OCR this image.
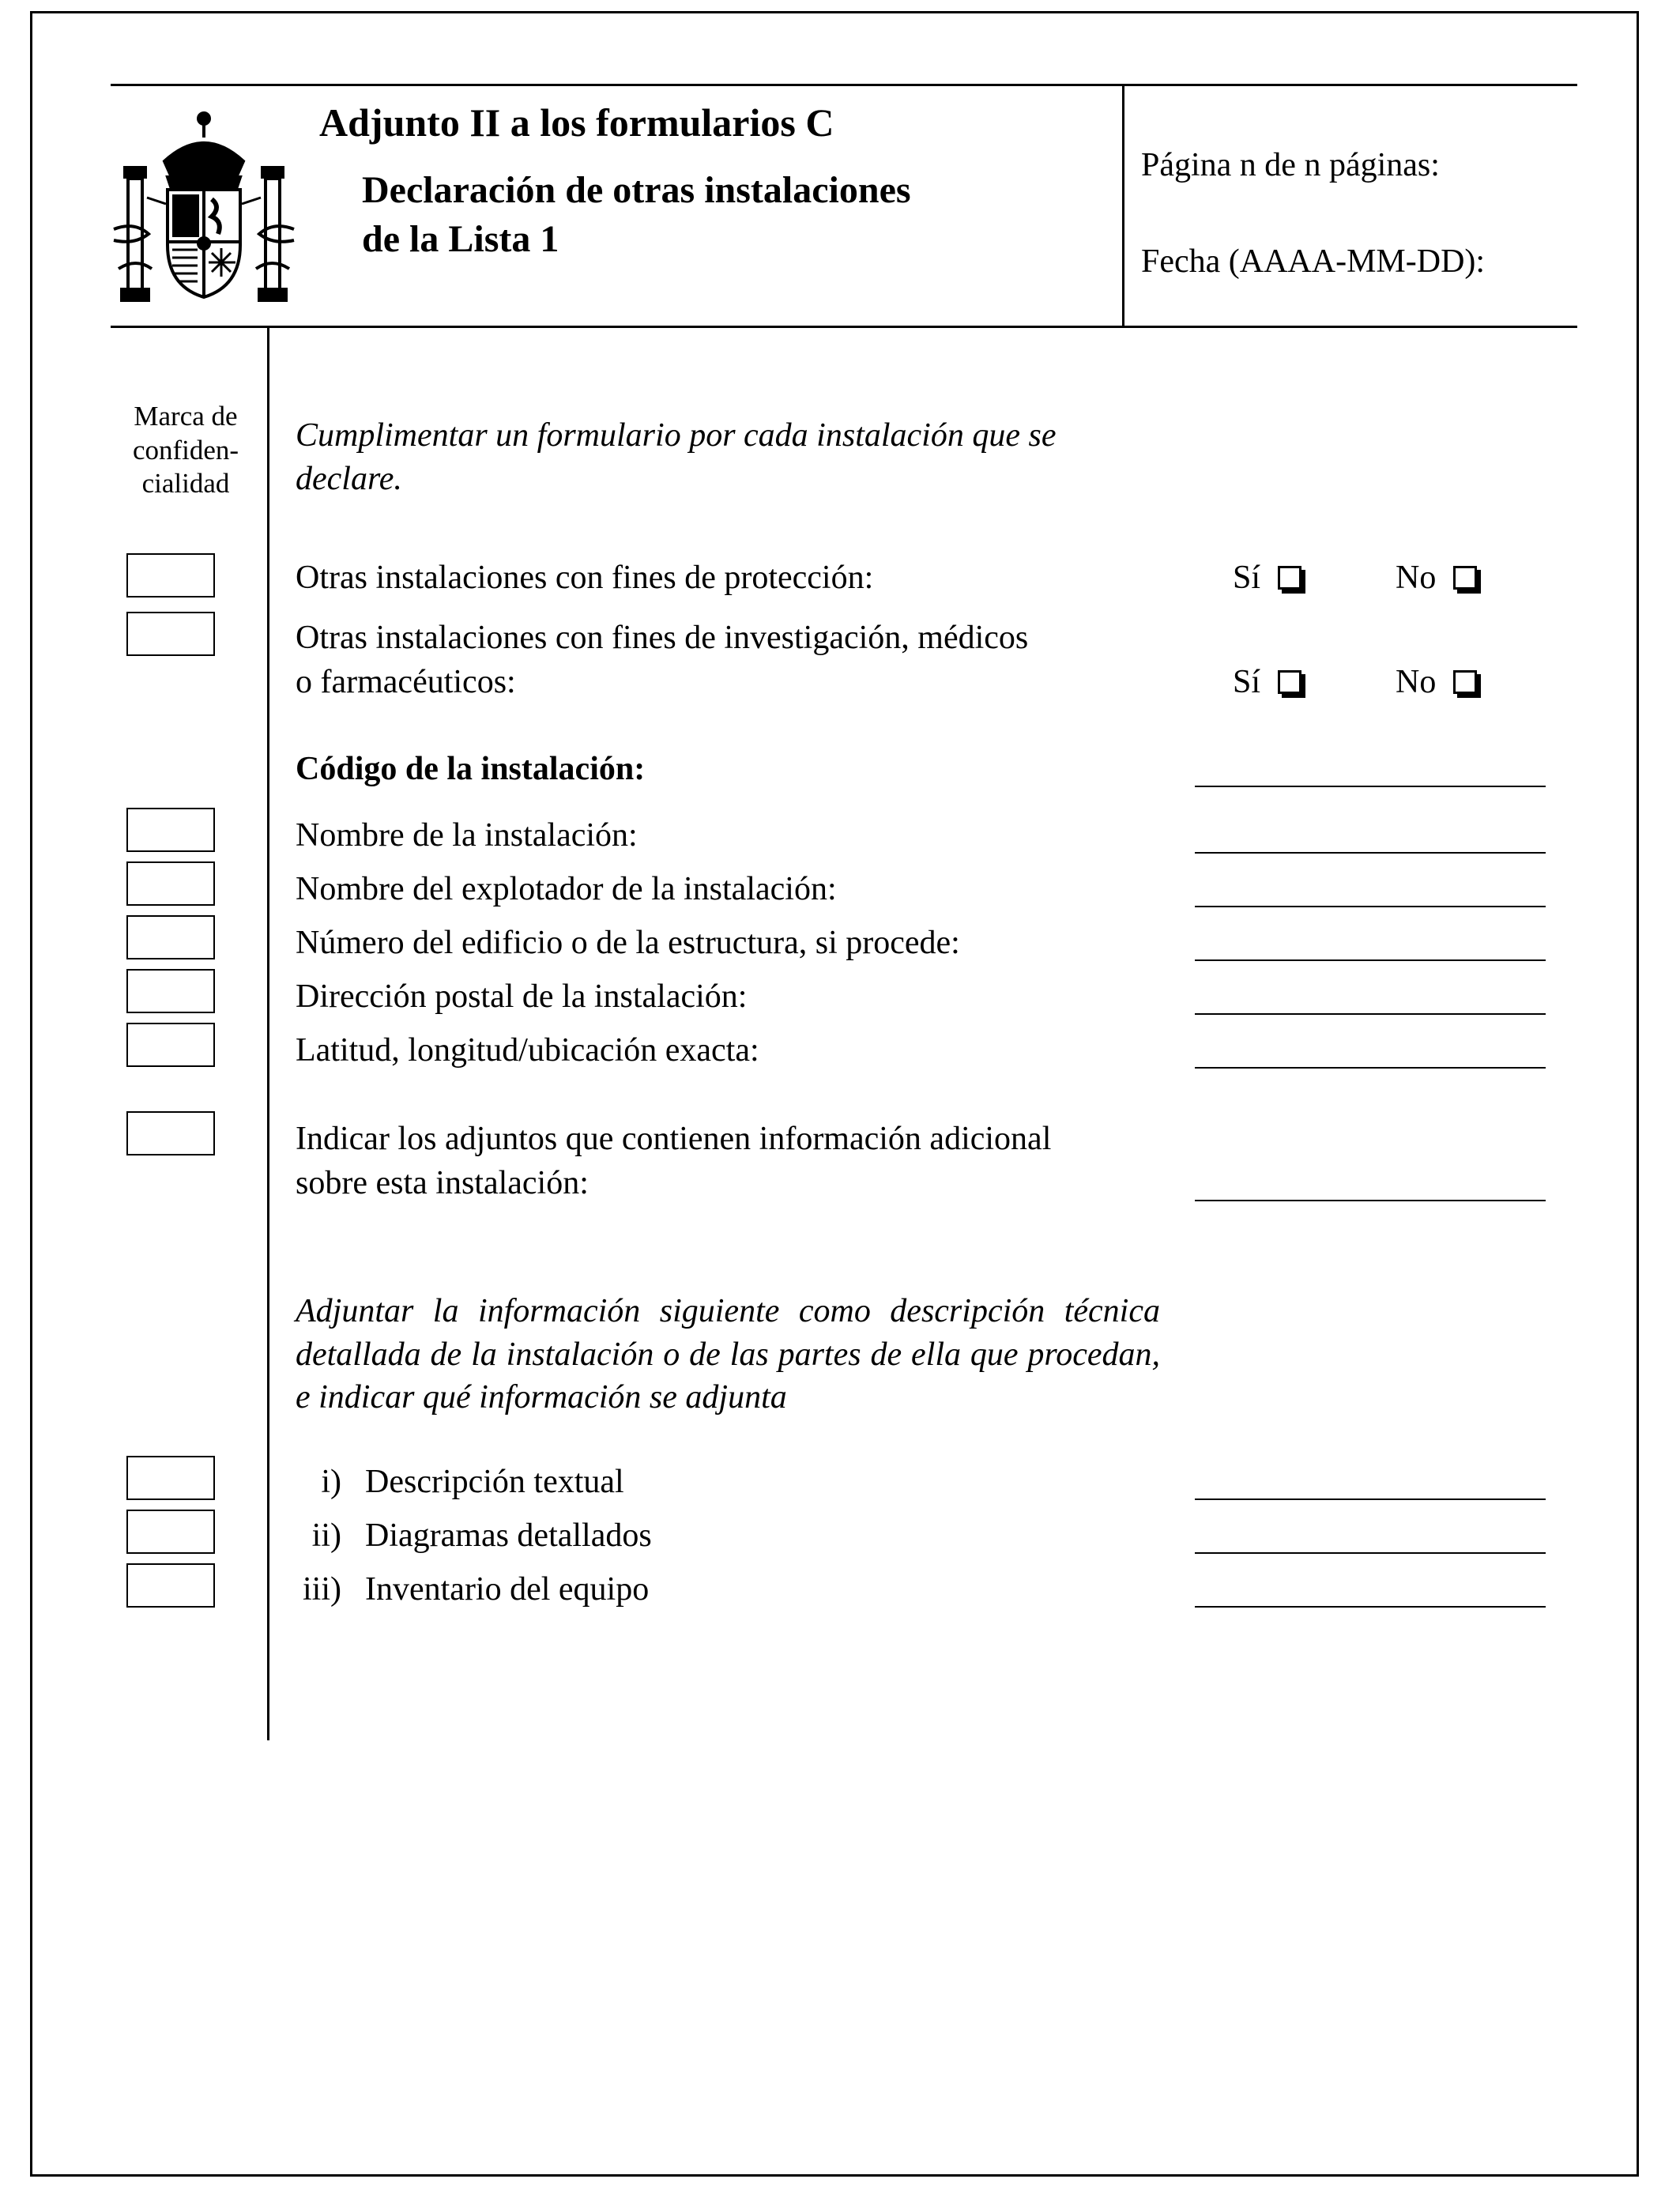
Adjunto II a los formularios C
Declaración de otras instalaciones
de la Lista 1
Página n de n páginas:
Fecha (AAAA-MM-DD):
Marca de confiden-cialidad
Cumplimentar un formulario por cada instalación que se declare.
Otras instalaciones con fines de protección:	Sí	No
Otras instalaciones con fines de investigación, médicos
o farmacéuticos:	Sí	No
Código de la instalación:
Nombre de la instalación:
Nombre del explotador de la instalación:
Número del edificio o de la estructura, si procede:
Dirección postal de la instalación:
Latitud, longitud/ubicación exacta:
Indicar los adjuntos que contienen información adicional
sobre esta instalación:
Adjuntar la información siguiente como descripción técnica detallada de la instalación o de las partes de ella que procedan, e indicar qué información se adjunta
i) Descripción textual
ii) Diagramas detallados
iii) Inventario del equipo
